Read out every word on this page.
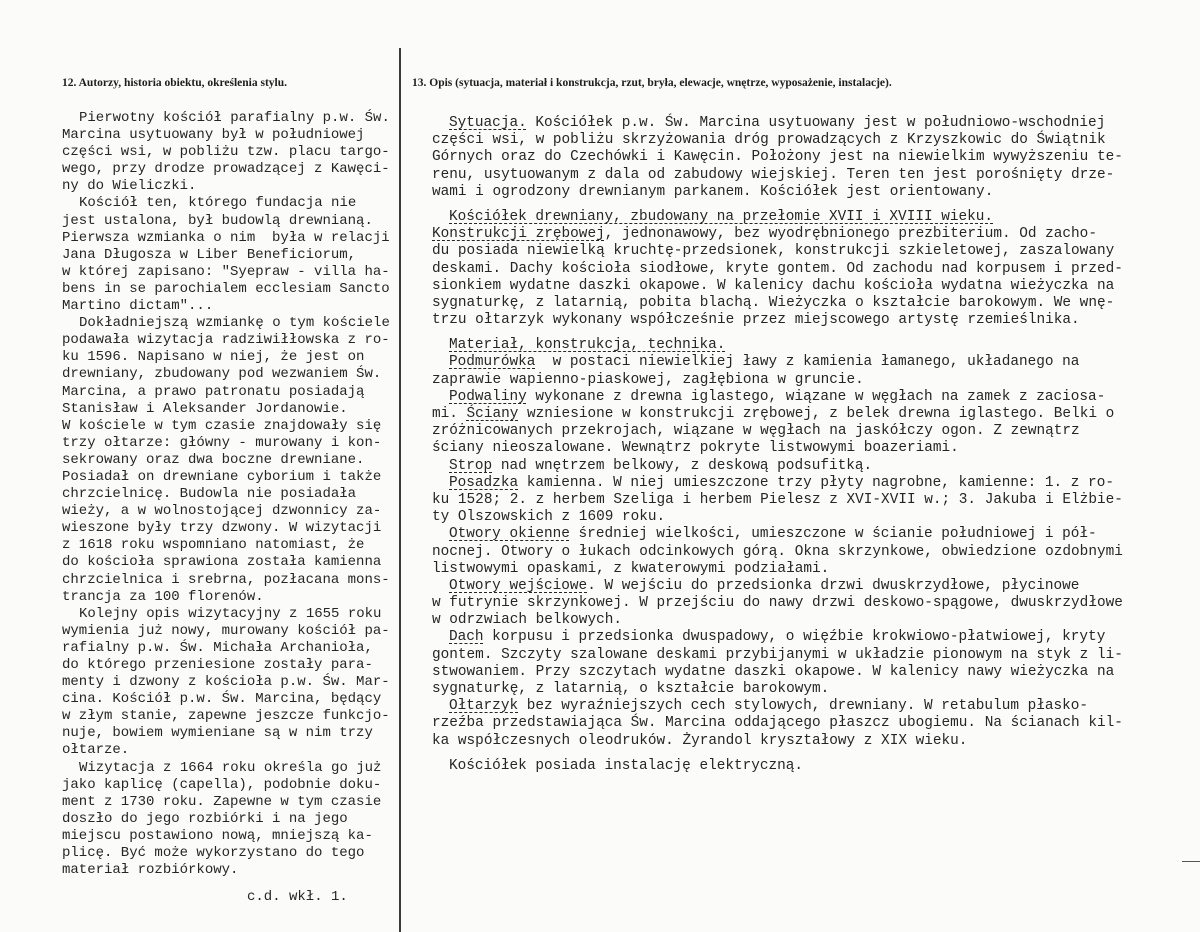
12. Autorzy, historia obiektu, określenia stylu.	13. Opis (sytuacja, materiał i konstrukcja, rzut, bryła, elewacje, wnętrze, wyposażenie, instalacje).
Pierwotny kościół parafialny p.w. Św.
Marcina usytuowany był w południowej
części wsi, w pobliżu tzw. placu targo-
wego, przy drodze prowadzącej z Kawęci-
ny do Wieliczki.
Kościół ten, którego fundacja nie
jest ustalona, był budowlą drewnianą.
Pierwsza wzmianka o nim  była w relacji
Jana Długosza w Liber Beneficiorum,
w której zapisano: "Syepraw - villa ha-
bens in se parochialem ecclesiam Sancto
Martino dictam"...
Dokładniejszą wzmiankę o tym kościele
podawała wizytacja radziwiłłowska z ro-
ku 1596. Napisano w niej, że jest on
drewniany, zbudowany pod wezwaniem Św.
Marcina, a prawo patronatu posiadają
Stanisław i Aleksander Jordanowie.
W kościele w tym czasie znajdowały się
trzy ołtarze: główny - murowany i kon-
sekrowany oraz dwa boczne drewniane.
Posiadał on drewniane cyborium i także
chrzcielnicę. Budowla nie posiadała
wieży, a w wolnostojącej dzwonnicy za-
wieszone były trzy dzwony. W wizytacji
z 1618 roku wspomniano natomiast, że
do kościoła sprawiona została kamienna
chrzcielnica i srebrna, pozłacana mons-
trancja za 100 florenów.
Kolejny opis wizytacyjny z 1655 roku
wymienia już nowy, murowany kościół pa-
rafialny p.w. Św. Michała Archanioła,
do którego przeniesione zostały para-
menty i dzwony z kościoła p.w. Św. Mar-
cina. Kościół p.w. Św. Marcina, będący
w złym stanie, zapewne jeszcze funkcjo-
nuje, bowiem wymieniane są w nim trzy
ołtarze.
Wizytacja z 1664 roku określa go już
jako kaplicę (capella), podobnie doku-
ment z 1730 roku. Zapewne w tym czasie
doszło do jego rozbiórki i na jego
miejscu postawiono nową, mniejszą ka-
plicę. Być może wykorzystano do tego
materiał rozbiórkowy.
c.d. wkł. 1.
Sytuacja. Kościółek p.w. Św. Marcina usytuowany jest w południowo-wschodniej
części wsi, w pobliżu skrzyżowania dróg prowadzących z Krzyszkowic do Świątnik
Górnych oraz do Czechówki i Kawęcin. Położony jest na niewielkim wywyższeniu te-
renu, usytuowanym z dala od zabudowy wiejskiej. Teren ten jest porośnięty drze-
wami i ogrodzony drewnianym parkanem. Kościółek jest orientowany.
Kościółek drewniany, zbudowany na przełomie XVII i XVIII wieku.
Konstrukcji zrębowej, jednonawowy, bez wyodrębnionego prezbiterium. Od zacho-
du posiada niewielką kruchtę-przedsionek, konstrukcji szkieletowej, zaszalowany
deskami. Dachy kościoła siodłowe, kryte gontem. Od zachodu nad korpusem i przed-
sionkiem wydatne daszki okapowe. W kalenicy dachu kościoła wydatna wieżyczka na
sygnaturkę, z latarnią, pobita blachą. Wieżyczka o kształcie barokowym. We wnę-
trzu ołtarzyk wykonany współcześnie przez miejscowego artystę rzemieślnika.
Materiał, konstrukcja, technika.
Podmurówka  w postaci niewielkiej ławy z kamienia łamanego, układanego na
zaprawie wapienno-piaskowej, zagłębiona w gruncie.
Podwaliny wykonane z drewna iglastego, wiązane w węgłach na zamek z zaciosa-
mi. Ściany wzniesione w konstrukcji zrębowej, z belek drewna iglastego. Belki o
zróżnicowanych przekrojach, wiązane w węgłach na jaskółczy ogon. Z zewnątrz
ściany nieoszalowane. Wewnątrz pokryte listwowymi boazeriami.
Strop nad wnętrzem belkowy, z deskową podsufitką.
Posadzka kamienna. W niej umieszczone trzy płyty nagrobne, kamienne: 1. z ro-
ku 1528; 2. z herbem Szeliga i herbem Pielesz z XVI-XVII w.; 3. Jakuba i Elżbie-
ty Olszowskich z 1609 roku.
Otwory okienne średniej wielkości, umieszczone w ścianie południowej i pół-
nocnej. Otwory o łukach odcinkowych górą. Okna skrzynkowe, obwiedzione ozdobnymi
listwowymi opaskami, z kwaterowymi podziałami.
Otwory wejściowe. W wejściu do przedsionka drzwi dwuskrzydłowe, płycinowe
w futrynie skrzynkowej. W przejściu do nawy drzwi deskowo-spągowe, dwuskrzydłowe
w odrzwiach belkowych.
Dach korpusu i przedsionka dwuspadowy, o więźbie krokwiowo-płatwiowej, kryty
gontem. Szczyty szalowane deskami przybijanymi w układzie pionowym na styk z li-
stwowaniem. Przy szczytach wydatne daszki okapowe. W kalenicy nawy wieżyczka na
sygnaturkę, z latarnią, o kształcie barokowym.
Ołtarzyk bez wyraźniejszych cech stylowych, drewniany. W retabulum płasko-
rzeźba przedstawiająca Św. Marcina oddającego płaszcz ubogiemu. Na ścianach kil-
ka współczesnych oleodruków. Żyrandol kryształowy z XIX wieku.
Kościółek posiada instalację elektryczną.
